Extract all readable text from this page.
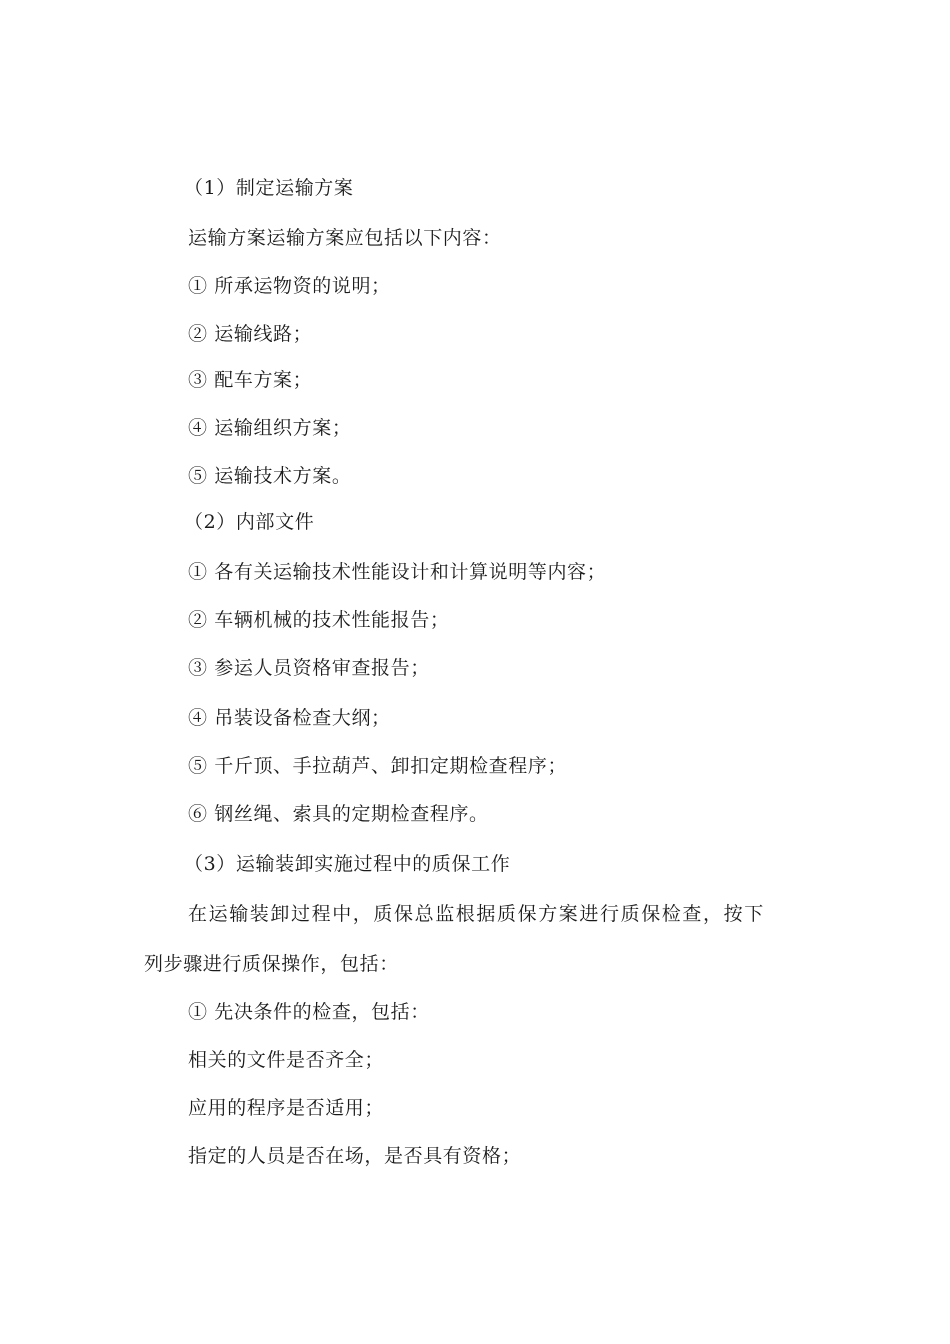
（1）制定运输方案
运输方案运输方案应包括以下内容：
① 所承运物资的说明；
② 运输线路；
③ 配车方案；
④ 运输组织方案；
⑤ 运输技术方案。
（2）内部文件
① 各有关运输技术性能设计和计算说明等内容；
② 车辆机械的技术性能报告；
③ 参运人员资格审查报告；
④ 吊装设备检查大纲；
⑤ 千斤顶、手拉葫芦、卸扣定期检查程序；
⑥ 钢丝绳、索具的定期检查程序。
（3）运输装卸实施过程中的质保工作
在运输装卸过程中，质保总监根据质保方案进行质保检查，按下
列步骤进行质保操作，包括：
① 先决条件的检查，包括：
相关的文件是否齐全；
应用的程序是否适用；
指定的人员是否在场，是否具有资格；
